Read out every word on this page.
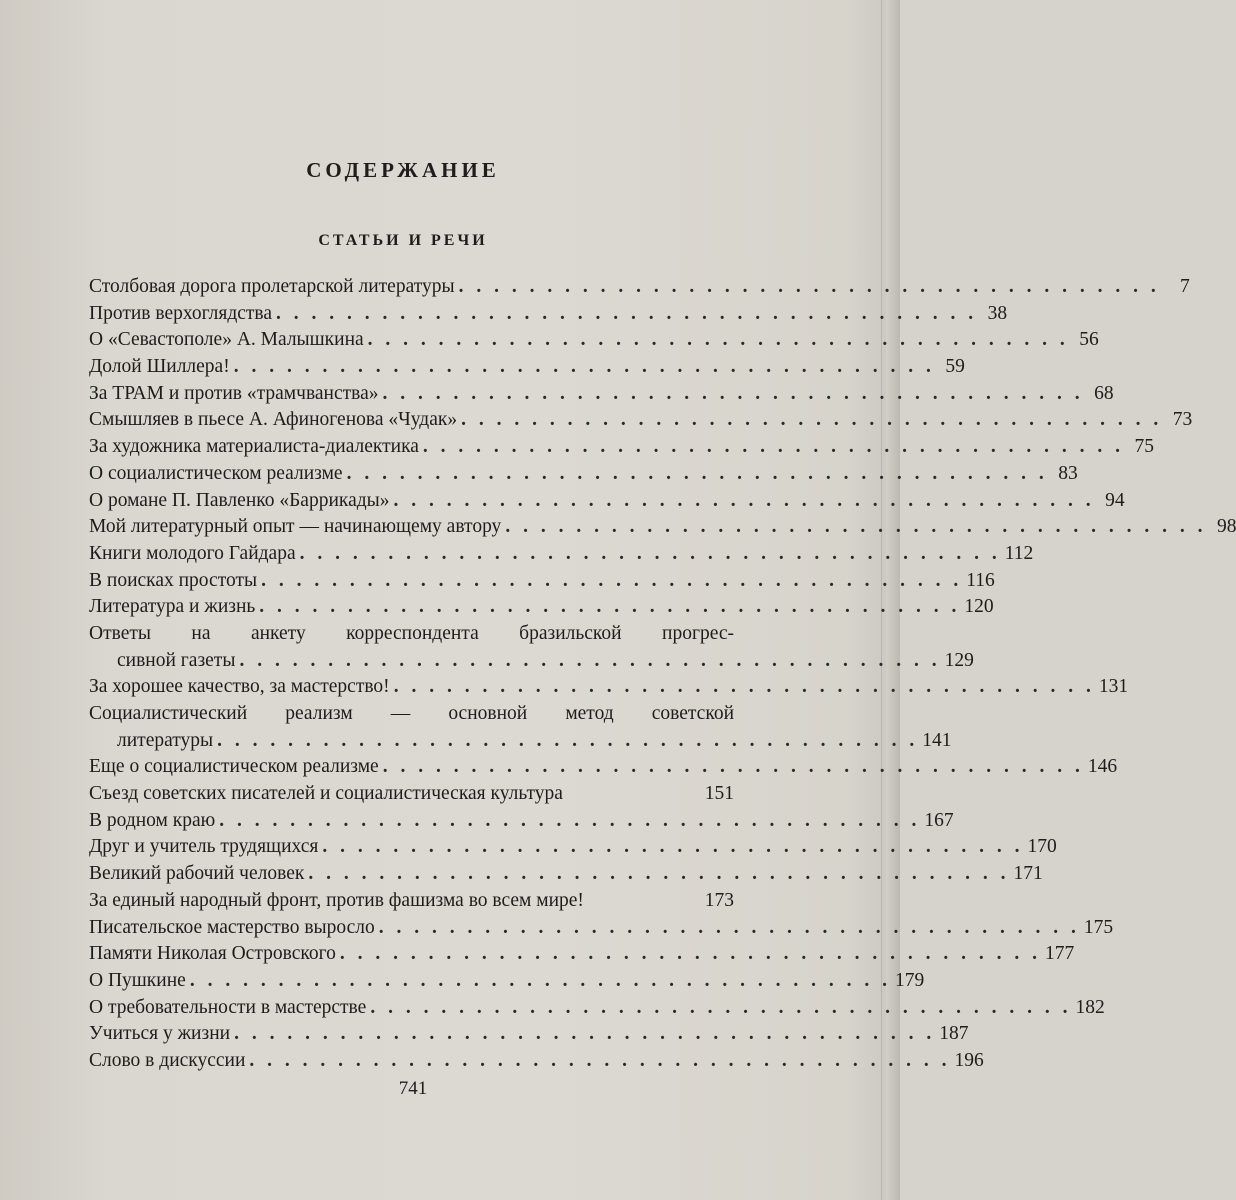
СОДЕРЖАНИЕ
СТАТЬИ И РЕЧИ
Столбовая дорога пролетарской литературы . . . . . . . . . . . . . . . . . . . . . . . . . . . . . . . . . . . . . . . .	7
Против верхоглядства . . . . . . . . . . . . . . . . . . . . . . . . . . . . . . . . . . . . . . . . 38
О «Севастополе» А. Малышкина . . . . . . . . . . . . . . . . . . . . . . . . . . . . . . . . . . . . . . . . 56
Долой Шиллера! . . . . . . . . . . . . . . . . . . . . . . . . . . . . . . . . . . . . . . . . 59
За ТРАМ и против «трамчванства» . . . . . . . . . . . . . . . . . . . . . . . . . . . . . . . . . . . . . . . . 68
Смышляев в пьесе А. Афиногенова «Чудак» . . . . . . . . . . . . . . . . . . . . . . . . . . . . . . . . . . . . . . . . 73
За художника материалиста-диалектика . . . . . . . . . . . . . . . . . . . . . . . . . . . . . . . . . . . . . . . . 75
О социалистическом реализме . . . . . . . . . . . . . . . . . . . . . . . . . . . . . . . . . . . . . . . . 83
О романе П. Павленко «Баррикады» . . . . . . . . . . . . . . . . . . . . . . . . . . . . . . . . . . . . . . . . 94
Мой литературный опыт — начинающему автору . . . . . . . . . . . . . . . . . . . . . . . . . . . . . . . . . . . . . . . . 98
Книги молодого Гайдара . . . . . . . . . . . . . . . . . . . . . . . . . . . . . . . . . . . . . . . . 112
В поисках простоты . . . . . . . . . . . . . . . . . . . . . . . . . . . . . . . . . . . . . . . . 116
Литература и жизнь . . . . . . . . . . . . . . . . . . . . . . . . . . . . . . . . . . . . . . . . 120
Ответы на анкету корреспондента бразильской прогрес-
сивной газеты . . . . . . . . . . . . . . . . . . . . . . . . . . . . . . . . . . . . . . . . 129
За хорошее качество, за мастерство! . . . . . . . . . . . . . . . . . . . . . . . . . . . . . . . . . . . . . . . . 131
Социалистический реализм — основной метод советской
литературы . . . . . . . . . . . . . . . . . . . . . . . . . . . . . . . . . . . . . . . . 141
Еще о социалистическом реализме . . . . . . . . . . . . . . . . . . . . . . . . . . . . . . . . . . . . . . . . 146
Съезд советских писателей и социалистическая культура	151
В родном краю . . . . . . . . . . . . . . . . . . . . . . . . . . . . . . . . . . . . . . . . 167
Друг и учитель трудящихся . . . . . . . . . . . . . . . . . . . . . . . . . . . . . . . . . . . . . . . . 170
Великий рабочий человек . . . . . . . . . . . . . . . . . . . . . . . . . . . . . . . . . . . . . . . . 171
За единый народный фронт, против фашизма во всем мире!	173
Писательское мастерство выросло . . . . . . . . . . . . . . . . . . . . . . . . . . . . . . . . . . . . . . . . 175
Памяти Николая Островского . . . . . . . . . . . . . . . . . . . . . . . . . . . . . . . . . . . . . . . . 177
О Пушкине . . . . . . . . . . . . . . . . . . . . . . . . . . . . . . . . . . . . . . . . 179
О требовательности в мастерстве . . . . . . . . . . . . . . . . . . . . . . . . . . . . . . . . . . . . . . . . 182
Учиться у жизни . . . . . . . . . . . . . . . . . . . . . . . . . . . . . . . . . . . . . . . . 187
Слово в дискуссии . . . . . . . . . . . . . . . . . . . . . . . . . . . . . . . . . . . . . . . . 196
741
